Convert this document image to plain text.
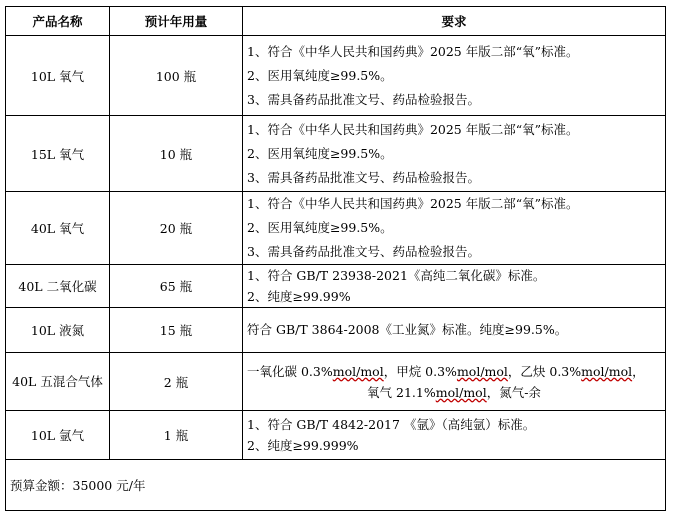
产品名称	预计年用量	要求
10L 氧气	100 瓶	1、符合《中华人民共和国药典》2025 年版二部“氧”标准。
2、医用氧纯度≥99.5%。
3、需具备药品批准文号、药品检验报告。

15L 氧气	10 瓶	1、符合《中华人民共和国药典》2025 年版二部“氧”标准。
2、医用氧纯度≥99.5%。
3、需具备药品批准文号、药品检验报告。

40L 氧气	20 瓶	1、符合《中华人民共和国药典》2025 年版二部“氧”标准。
2、医用氧纯度≥99.5%。
3、需具备药品批准文号、药品检验报告。

40L 二氧化碳	65 瓶	1、符合 GB/T 23938-2021《高纯二氧化碳》标准。
2、纯度≥99.99%

10L 液氮	15 瓶	符合 GB/T 3864-2008《工业氮》标准。纯度≥99.5%。

40L 五混合气体	2 瓶	一氧化碳 0.3%mol/mol，甲烷 0.3%mol/mol，乙炔 0.3%mol/mol，
氧气 21.1%mol/mol，氮气-余

10L 氩气	1 瓶	1、符合 GB/T 4842-2017 《氩》（高纯氩）标准。
2、纯度≥99.999%

预算金额：35000 元/年		
